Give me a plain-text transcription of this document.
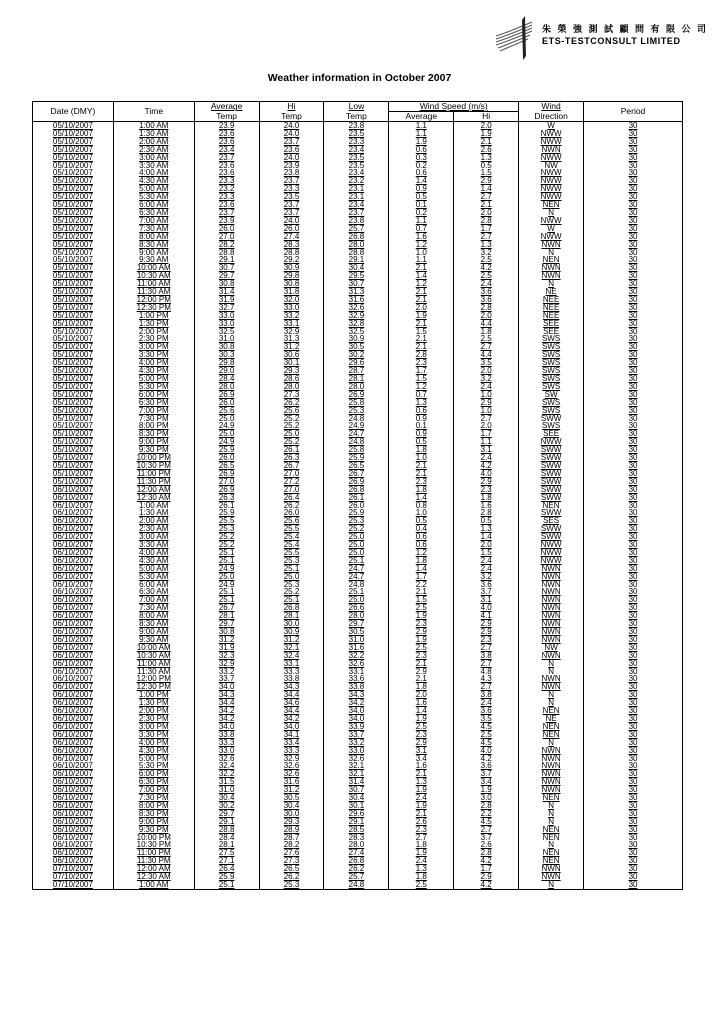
朱 榮 強 測 試 顧 問 有 限 公 司
ETS-TESTCONSULT LIMITED
Weather information in October 2007
Date (DMY)	Time	Average	Hi	Low	Wind Speed (m/s)		Wind	Period
		Temp	Temp	Temp	Average	Hi	Direction	
05/10/2007	1:00 AM	23.9	24.0	23.8	1.1	2.0	W	30
05/10/2007	1:30 AM	23.6	24.0	23.5	1.1	1.9	NWW	30
05/10/2007	2:00 AM	23.6	23.7	23.3	1.9	2.1	NWW	30
05/10/2007	2:30 AM	23.4	23.6	23.4	0.6	2.6	NWN	30
05/10/2007	3:00 AM	23.7	24.0	23.5	0.3	1.3	NWW	30
05/10/2007	3:30 AM	23.6	23.9	23.5	0.2	0.5	NW	30
05/10/2007	4:00 AM	23.6	23.8	23.4	0.6	1.5	NWW	30
05/10/2007	4:30 AM	23.3	23.7	23.2	1.4	2.9	NWW	30
05/10/2007	5:00 AM	23.2	23.3	23.1	0.9	1.4	NWW	30
05/10/2007	5:30 AM	23.3	23.5	23.1	0.5	2.7	NWW	30
05/10/2007	6:00 AM	23.6	23.7	23.4	0.1	2.1	NEN	30
05/10/2007	6:30 AM	23.7	23.7	23.7	0.2	2.0	N	30
05/10/2007	7:00 AM	23.9	24.0	23.8	1.1	2.8	NWW	30
05/10/2007	7:30 AM	26.0	26.0	25.7	0.7	1.7	W	30
05/10/2007	8:00 AM	27.0	27.4	26.8	1.6	2.7	NWW	30
05/10/2007	8:30 AM	28.2	28.3	28.0	1.2	1.3	NWN	30
05/10/2007	9:00 AM	28.8	28.8	28.8	1.0	3.2	N	30
05/10/2007	9:30 AM	29.1	29.2	29.1	1.1	2.5	NEN	30
05/10/2007	10:00 AM	30.7	30.9	30.4	2.1	4.2	NWN	30
05/10/2007	10:30 AM	29.7	29.8	29.5	1.4	2.5	NWN	30
05/10/2007	11:00 AM	30.8	30.8	30.7	1.2	2.4	N	30
05/10/2007	11:30 AM	31.4	31.8	31.3	2.1	3.6	NE	30
05/10/2007	12:00 PM	31.9	32.0	31.6	2.1	3.6	NEE	30
05/10/2007	12:30 PM	32.7	33.0	32.6	2.0	2.8	NEE	30
05/10/2007	1:00 PM	33.0	33.2	32.9	1.9	2.0	NEE	30
05/10/2007	1:30 PM	33.0	33.1	32.8	2.1	4.4	SEE	30
05/10/2007	2:00 PM	32.5	32.9	32.5	1.5	1.8	SEE	30
05/10/2007	2:30 PM	31.0	31.3	30.9	2.1	2.5	SWS	30
05/10/2007	3:00 PM	30.8	31.2	30.5	2.1	2.7	SWS	30
05/10/2007	3:30 PM	30.3	30.6	30.2	2.8	4.4	SWS	30
05/10/2007	4:00 PM	29.8	30.1	29.6	2.3	3.5	SWS	30
05/10/2007	4:30 PM	29.0	29.3	28.7	1.7	2.0	SWS	30
05/10/2007	5:00 PM	28.4	28.6	28.1	1.5	3.2	SWS	30
05/10/2007	5:30 PM	28.0	28.0	28.0	1.2	2.4	SWS	30
05/10/2007	6:00 PM	26.9	27.3	26.9	0.7	1.0	SW	30
05/10/2007	6:30 PM	26.0	26.2	25.8	1.3	2.9	SWS	30
05/10/2007	7:00 PM	25.6	25.6	25.3	0.6	1.0	SWS	30
05/10/2007	7:30 PM	25.0	25.2	24.8	0.9	2.7	SWW	30
05/10/2007	8:00 PM	24.9	25.2	24.9	0.1	2.0	SWS	30
05/10/2007	8:30 PM	25.0	25.0	24.7	0.9	1.7	SEE	30
05/10/2007	9:00 PM	24.9	25.2	24.8	0.5	1.1	NWW	30
05/10/2007	9:30 PM	25.9	26.1	25.8	1.8	3.1	SWW	30
05/10/2007	10:00 PM	26.0	26.3	25.9	1.0	2.4	SWW	30
05/10/2007	10:30 PM	26.5	26.7	26.5	2.1	4.2	SWW	30
05/10/2007	11:00 PM	26.9	27.0	26.7	2.1	4.0	SWW	30
05/10/2007	11:30 PM	27.0	27.2	26.9	2.3	2.9	SWW	30
06/10/2007	12:00 AM	26.9	27.0	26.8	1.8	2.3	SWW	30
06/10/2007	12:30 AM	26.3	26.4	26.1	1.4	1.8	SWW	30
06/10/2007	1:00 AM	26.1	26.2	26.0	0.8	1.6	NEN	30
06/10/2007	1:30 AM	25.9	26.0	25.9	1.0	2.8	SWW	30
06/10/2007	2:00 AM	25.5	25.6	25.3	0.5	0.5	SES	30
06/10/2007	2:30 AM	25.3	25.5	25.2	0.4	1.3	SWW	30
06/10/2007	3:00 AM	25.2	25.4	25.0	0.6	1.4	SWW	30
06/10/2007	3:30 AM	25.2	25.4	25.0	0.6	2.0	NWW	30
06/10/2007	4:00 AM	25.1	25.5	25.0	1.2	1.5	NWW	30
06/10/2007	4:30 AM	25.1	25.3	25.1	1.8	2.4	NWW	30
06/10/2007	5:00 AM	24.9	25.1	24.7	1.4	2.4	NWN	30
06/10/2007	5:30 AM	25.0	25.0	24.7	1.7	3.2	NWN	30
06/10/2007	6:00 AM	24.9	25.3	24.8	2.2	3.6	NWN	30
06/10/2007	6:30 AM	25.1	25.2	25.1	2.1	3.7	NWN	30
06/10/2007	7:00 AM	25.1	25.1	25.0	1.5	3.1	NWN	30
06/10/2007	7:30 AM	26.7	26.8	26.6	2.5	4.0	NWN	30
06/10/2007	8:00 AM	28.1	28.1	28.0	1.9	4.1	NWN	30
06/10/2007	8:30 AM	29.7	30.0	29.7	2.3	2.9	NWN	30
06/10/2007	9:00 AM	30.8	30.9	30.5	2.9	2.9	NWN	30
06/10/2007	9:30 AM	31.2	31.2	31.0	1.9	2.3	NWN	30
06/10/2007	10:00 AM	31.9	32.1	31.6	2.5	2.7	NW	30
06/10/2007	10:30 AM	32.3	32.4	32.2	2.3	3.8	NWN	30
06/10/2007	11:00 AM	32.9	33.1	32.6	2.1	2.7	N	30
06/10/2007	11:30 AM	33.2	33.3	33.1	2.9	4.8	N	30
06/10/2007	12:00 PM	33.7	33.8	33.6	2.1	4.3	NWN	30
06/10/2007	12:30 PM	34.0	34.3	33.8	1.8	2.7	NWN	30
06/10/2007	1:00 PM	34.3	34.4	34.3	2.0	3.8	N	30
06/10/2007	1:30 PM	34.4	34.6	34.2	1.6	2.4	N	30
06/10/2007	2:00 PM	34.2	34.4	34.0	1.4	3.6	NEN	30
06/10/2007	2:30 PM	34.2	34.2	34.0	1.9	3.5	NE	30
06/10/2007	3:00 PM	34.0	34.0	33.9	2.5	4.5	NEN	30
06/10/2007	3:30 PM	33.8	34.1	33.7	2.3	2.5	NEN	30
06/10/2007	4:00 PM	33.3	33.4	33.2	2.9	4.5	N	30
06/10/2007	4:30 PM	33.0	33.3	33.0	3.1	4.0	NWN	30
06/10/2007	5:00 PM	32.6	32.9	32.6	3.4	4.2	NWN	30
06/10/2007	5:30 PM	32.4	32.6	32.1	1.6	3.6	NWN	30
06/10/2007	6:00 PM	32.2	32.6	32.1	2.1	3.7	NWN	30
06/10/2007	6:30 PM	31.5	31.6	31.4	1.3	3.4	NWN	30
06/10/2007	7:00 PM	31.0	31.2	30.7	1.9	1.9	NWN	30
06/10/2007	7:30 PM	30.4	30.5	30.4	2.4	3.0	NEN	30
06/10/2007	8:00 PM	30.2	30.4	30.1	1.9	2.8	N	30
06/10/2007	8:30 PM	29.7	30.0	29.6	2.1	2.2	N	30
06/10/2007	9:00 PM	29.1	29.3	29.1	2.6	4.5	N	30
06/10/2007	9:30 PM	28.8	28.9	28.5	2.3	2.7	NEN	30
06/10/2007	10:00 PM	28.4	28.7	28.3	2.7	3.7	NEN	30
06/10/2007	10:30 PM	28.1	28.2	28.0	1.8	2.6	N	30
06/10/2007	11:00 PM	27.5	27.6	27.4	1.9	2.8	NEN	30
06/10/2007	11:30 PM	27.1	27.3	26.8	2.4	4.2	NEN	30
07/10/2007	12:00 AM	26.4	26.5	26.2	1.3	1.7	NWN	30
07/10/2007	12:30 AM	25.9	26.2	25.7	1.8	2.9	NWN	30
07/10/2007	1:00 AM	25.1	25.3	24.8	2.5	4.2	N	30
